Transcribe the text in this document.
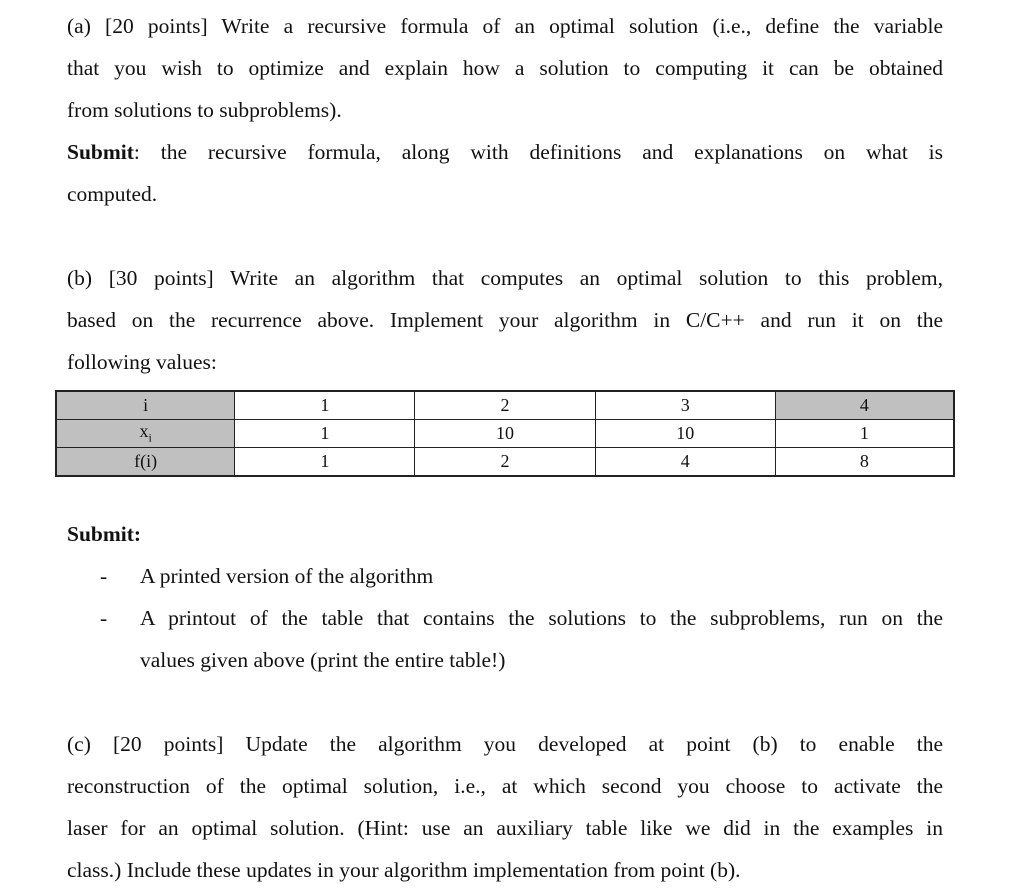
(a) [20 points] Write a recursive formula of an optimal solution (i.e., define the variable
that you wish to optimize and explain how a solution to computing it can be obtained
from solutions to subproblems).
Submit: the recursive formula, along with definitions and explanations on what is
computed.
(b) [30 points] Write an algorithm that computes an optimal solution to this problem,
based on the recurrence above. Implement your algorithm in C/C++ and run it on the
following values:
i	1	2	3	4
$x_i$	1	10	10	1
f(i)	1	2	4	8
Submit:
- A printed version of the algorithm
- A printout of the table that contains the solutions to the subproblems, run on the
values given above (print the entire table!)
(c) [20 points] Update the algorithm you developed at point (b) to enable the
reconstruction of the optimal solution, i.e., at which second you choose to activate the
laser for an optimal solution. (Hint: use an auxiliary table like we did in the examples in
class.) Include these updates in your algorithm implementation from point (b).
